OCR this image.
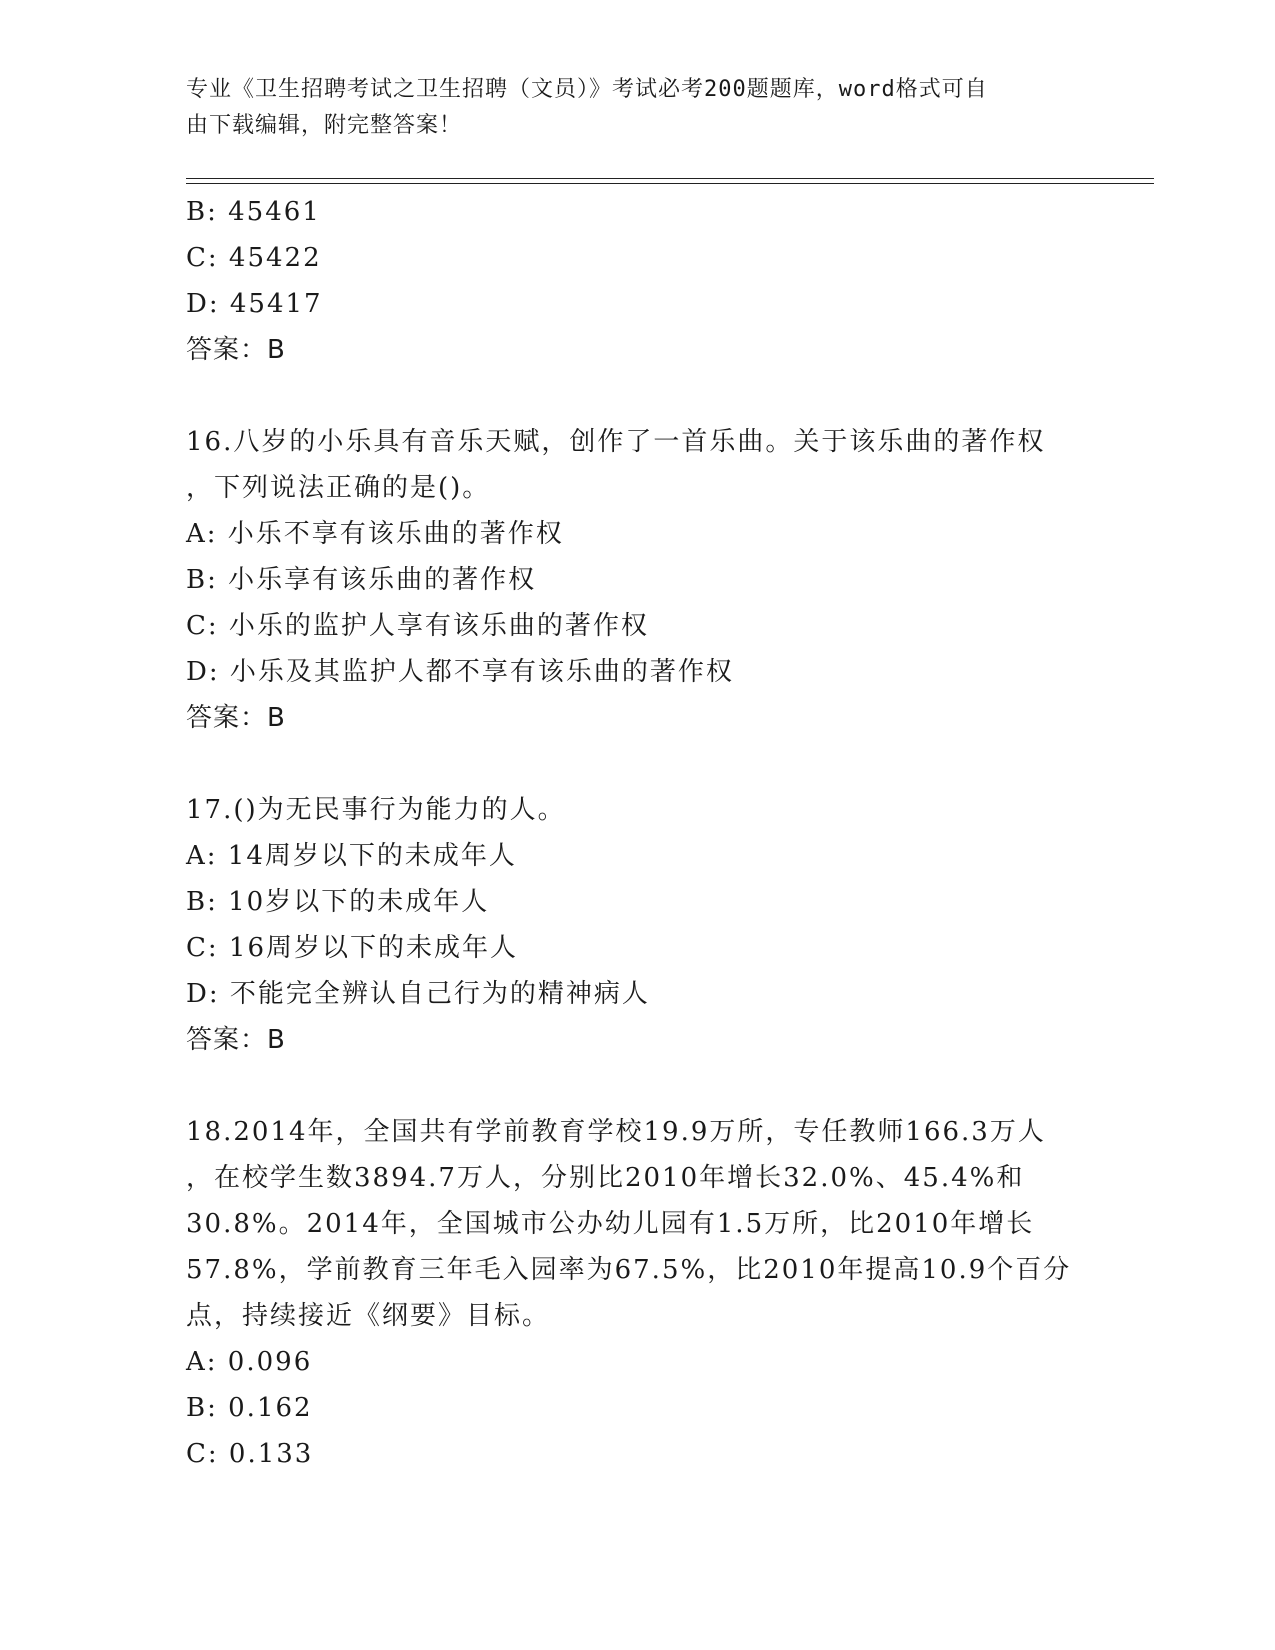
专业《卫生招聘考试之卫生招聘（文员）》考试必考200题题库，word格式可自
由下载编辑，附完整答案！
B: 45461
C: 45422
D: 45417
答案：B
16.八岁的小乐具有音乐天赋，创作了一首乐曲。关于该乐曲的著作权
，下列说法正确的是()。
A: 小乐不享有该乐曲的著作权
B: 小乐享有该乐曲的著作权
C: 小乐的监护人享有该乐曲的著作权
D: 小乐及其监护人都不享有该乐曲的著作权
答案：B
17.()为无民事行为能力的人。
A: 14周岁以下的未成年人
B: 10岁以下的未成年人
C: 16周岁以下的未成年人
D: 不能完全辨认自己行为的精神病人
答案：B
18.2014年，全国共有学前教育学校19.9万所，专任教师166.3万人
，在校学生数3894.7万人，分别比2010年增长32.0%、45.4%和
30.8%。2014年，全国城市公办幼儿园有1.5万所，比2010年增长
57.8%，学前教育三年毛入园率为67.5%，比2010年提高10.9个百分
点，持续接近《纲要》目标。
A: 0.096
B: 0.162
C: 0.133
